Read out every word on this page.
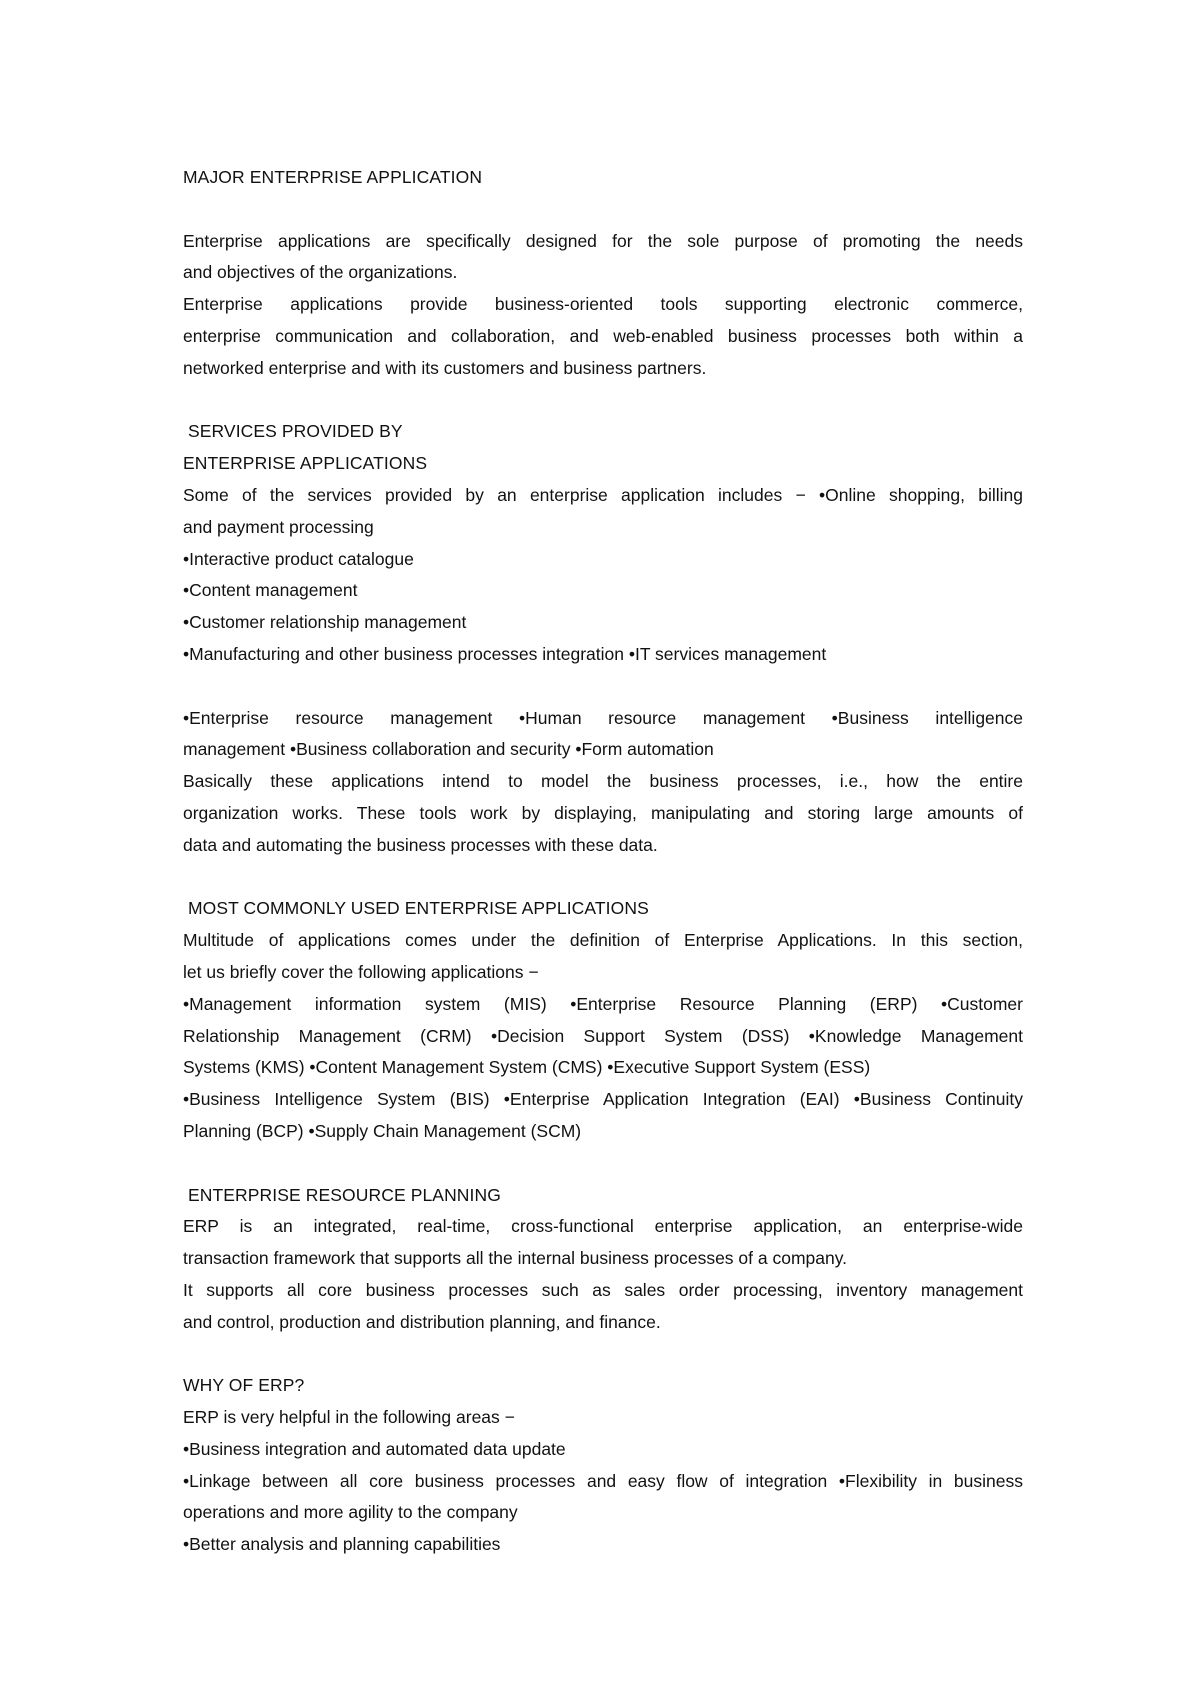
MAJOR ENTERPRISE APPLICATION
Enterprise applications are specifically designed for the sole purpose of promoting the needs
and objectives of the organizations.
Enterprise applications provide business-oriented tools supporting electronic commerce,
enterprise communication and collaboration, and web-enabled business processes both within a
networked enterprise and with its customers and business partners.
SERVICES PROVIDED BY
ENTERPRISE APPLICATIONS
Some of the services provided by an enterprise application includes − •Online shopping, billing
and payment processing
•Interactive product catalogue
•Content management
•Customer relationship management
•Manufacturing and other business processes integration •IT services management
•Enterprise resource management •Human resource management •Business intelligence
management •Business collaboration and security •Form automation
Basically these applications intend to model the business processes, i.e., how the entire
organization works. These tools work by displaying, manipulating and storing large amounts of
data and automating the business processes with these data.
MOST COMMONLY USED ENTERPRISE APPLICATIONS
Multitude of applications comes under the definition of Enterprise Applications. In this section,
let us briefly cover the following applications −
•Management information system (MIS) •Enterprise Resource Planning (ERP) •Customer
Relationship Management (CRM) •Decision Support System (DSS) •Knowledge Management
Systems (KMS) •Content Management System (CMS) •Executive Support System (ESS)
•Business Intelligence System (BIS) •Enterprise Application Integration (EAI) •Business Continuity
Planning (BCP) •Supply Chain Management (SCM)
ENTERPRISE RESOURCE PLANNING
ERP is an integrated, real-time, cross-functional enterprise application, an enterprise-wide
transaction framework that supports all the internal business processes of a company.
It supports all core business processes such as sales order processing, inventory management
and control, production and distribution planning, and finance.
WHY OF ERP?
ERP is very helpful in the following areas −
•Business integration and automated data update
•Linkage between all core business processes and easy flow of integration •Flexibility in business
operations and more agility to the company
•Better analysis and planning capabilities
